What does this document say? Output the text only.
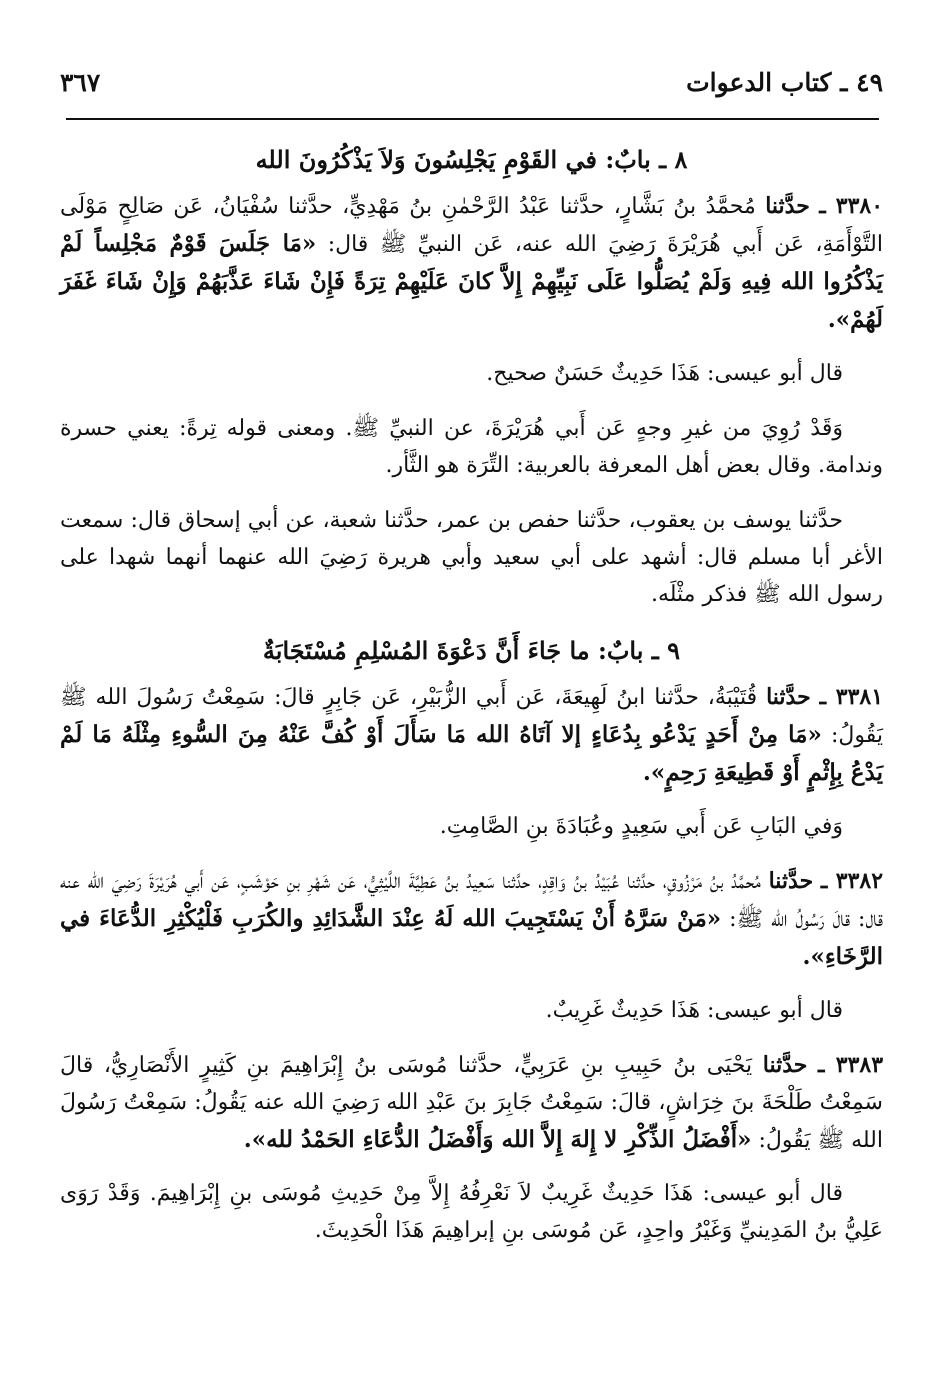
٤٩ ـ كتاب الدعوات
٣٦٧
٨ ـ بابٌ: في القَوْمِ يَجْلِسُونَ وَلاَ يَذْكُرُونَ الله

٣٣٨٠ ـ حدَّثنا مُحمَّدُ بنُ بَشَّارٍ، حدَّثنا عَبْدُ الرَّحْمٰنِ بنُ مَهْدِيٍّ، حدَّثنا سُفْيَانُ، عَن صَالِحٍ مَوْلَى التَّوْأَمَةِ، عَن أَبي هُرَيْرَةَ رَضِيَ الله عنه، عَن النبيِّ ﷺ قال: «مَا جَلَسَ قَوْمٌ مَجْلِساً لَمْ يَذْكُرُوا الله فِيهِ وَلَمْ يُصَلُّوا عَلَى نَبِيِّهِمْ إِلاَّ كانَ عَلَيْهِمْ تِرَةً فَإِنْ شَاءَ عَذَّبَهُمْ وَإِنْ شَاءَ غَفَرَ لَهُمْ».

قال أبو عيسى: هَذَا حَدِيثٌ حَسَنٌ صحيح.

وَقَدْ رُوِيَ من غيرِ وجهٍ عَن أَبي هُرَيْرَةَ، عن النبيِّ ﷺ. ومعنى قوله تِرةً: يعني حسرة وندامة. وقال بعض أهل المعرفة بالعربية: التِّرَة هو الثَّأر.

حدَّثنا يوسف بن يعقوب، حدَّثنا حفص بن عمر، حدَّثنا شعبة، عن أبي إسحاق قال: سمعت الأغر أبا مسلم قال: أشهد على أبي سعيد وأبي هريرة رَضِيَ الله عنهما أنهما شهدا على رسول الله ﷺ فذكر مثْلَه.

٩ ـ بابٌ: ما جَاءَ أَنَّ دَعْوَةَ المُسْلِمِ مُسْتَجَابَةٌ

٣٣٨١ ـ حدَّثنا قُتَيْبَةُ، حدَّثنا ابنُ لَهِيعَةَ، عَن أَبي الزُّبَيْرِ، عَن جَابِرٍ قالَ: سَمِعْتُ رَسُولَ الله ﷺ يَقُولُ: «مَا مِنْ أَحَدٍ يَدْعُو بِدُعَاءٍ إلا آتَاهُ الله مَا سَأَلَ أَوْ كُفَّ عَنْهُ مِنَ السُّوءِ مِثْلَهُ مَا لَمْ يَدْعُ بِإِثْمٍ أَوْ قَطِيعَةِ رَحِمٍ».

وَفي البَابِ عَن أَبي سَعِيدٍ وعُبَادَةَ بنِ الصَّامِتِ.

٣٣٨٢ ـ حدَّثنا مُحمَّدُ بنُ مَرْزُوقٍ، حدَّثنا عُبَيْدُ بنُ وَاقِدٍ، حدَّثنا سَعِيدُ بنُ عَطِيَّةَ اللَّيْثِيُّ، عَن شَهْرِ بنِ حَوْشَبٍ، عَن أَبي هُرَيْرَةَ رَضِيَ الله عنه قال: قالَ رَسُولُ الله ﷺ: «مَنْ سَرَّهُ أَنْ يَسْتَجِيبَ الله لَهُ عِنْدَ الشَّدَائِدِ والكُرَبِ فَلْيُكْثِرِ الدُّعَاءَ في الرَّخَاءِ».

قال أبو عيسى: هَذَا حَدِيثٌ غَرِيبٌ.

٣٣٨٣ ـ حدَّثنا يَحْيَى بنُ حَبِيبِ بنِ عَرَبِيٍّ، حدَّثنا مُوسَى بنُ إِبْرَاهِيمَ بنِ كَثِيرٍ الأَنْصَارِيُّ، قالَ سَمِعْتُ طَلْحَةَ بنَ خِرَاشٍ، قالَ: سَمِعْتُ جَابِرَ بنَ عَبْدِ الله رَضِيَ الله عنه يَقُولُ: سَمِعْتُ رَسُولَ الله ﷺ يَقُولُ: «أَفْضَلُ الذِّكْرِ لا إِلهَ إِلاَّ الله وَأَفْضَلُ الدُّعَاءِ الحَمْدُ لله».

قال أبو عيسى: هَذَا حَدِيثٌ غَرِيبٌ لاَ نَعْرِفُهُ إِلاَّ مِنْ حَدِيثِ مُوسَى بنِ إِبْرَاهِيمَ. وَقَدْ رَوَى عَلِيُّ بنُ المَدِينيِّ وَغَيْرُ واحِدٍ، عَن مُوسَى بنِ إبراهِيمَ هَذَا الْحَدِيثَ.
